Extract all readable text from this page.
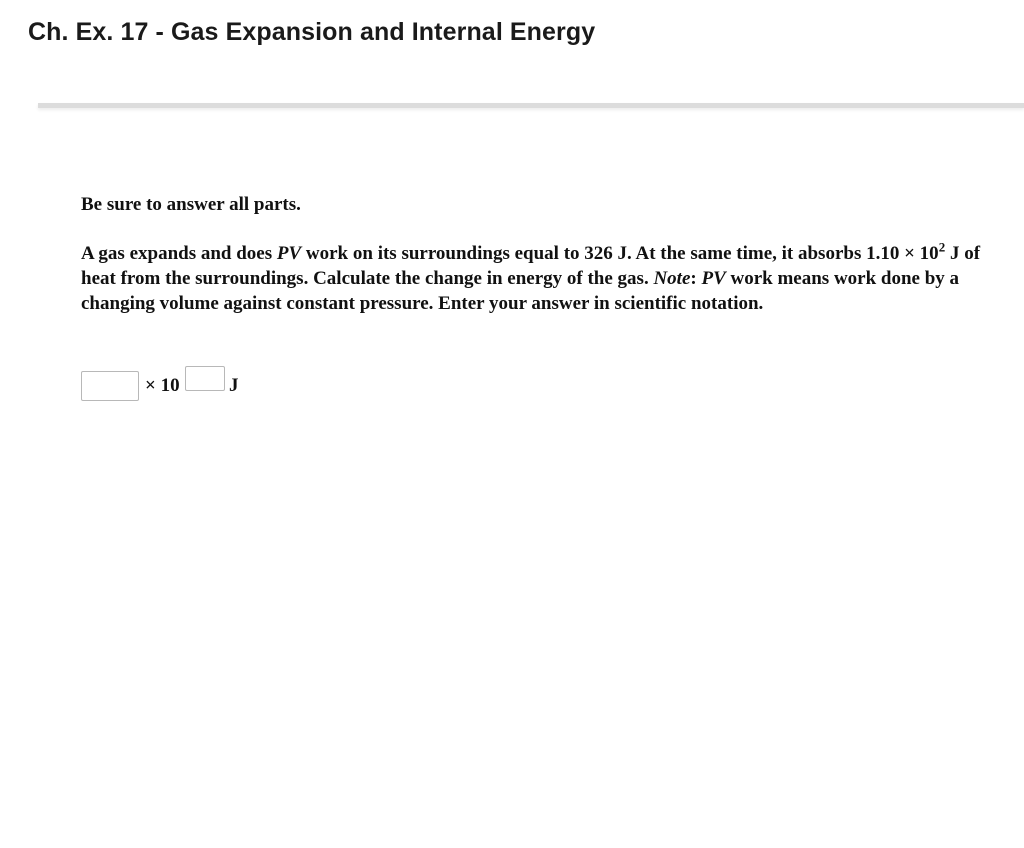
Ch. Ex. 17 - Gas Expansion and Internal Energy

Be sure to answer all parts.

A gas expands and does PV work on its surroundings equal to 326 J. At the same time, it absorbs $1.10 \times 10^2$ J of heat from the surroundings. Calculate the change in energy of the gas. Note: PV work means work done by a changing volume against constant pressure. Enter your answer in scientific notation.

× 10	J
